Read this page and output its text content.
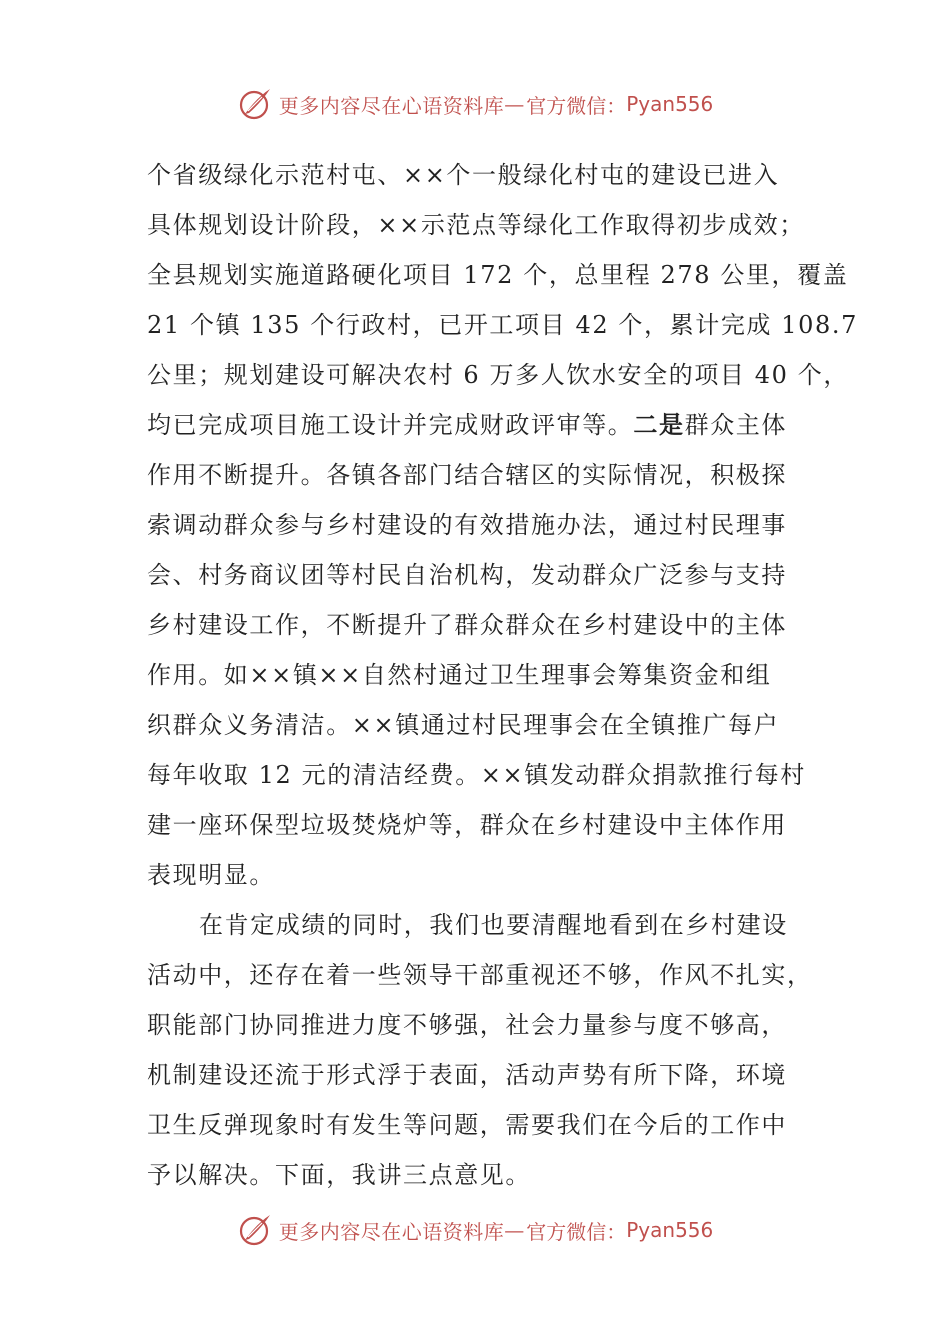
更多内容尽在心语资料库 — 官方微信： Pyan556
个省级绿化示范村屯、××个一般绿化村屯的建设已进入
具体规划设计阶段，××示范点等绿化工作取得初步成效；
全县规划实施道路硬化项目 172 个，总里程 278 公里，覆盖
21 个镇 135 个行政村，已开工项目 42 个，累计完成 108.7
公里；规划建设可解决农村 6 万多人饮水安全的项目 40 个，
均已完成项目施工设计并完成财政评审等。二是群众主体
作用不断提升。各镇各部门结合辖区的实际情况，积极探
索调动群众参与乡村建设的有效措施办法，通过村民理事
会、村务商议团等村民自治机构，发动群众广泛参与支持
乡村建设工作，不断提升了群众群众在乡村建设中的主体
作用。如××镇××自然村通过卫生理事会筹集资金和组
织群众义务清洁。××镇通过村民理事会在全镇推广每户
每年收取 12 元的清洁经费。××镇发动群众捐款推行每村
建一座环保型垃圾焚烧炉等，群众在乡村建设中主体作用
表现明显。
在肯定成绩的同时，我们也要清醒地看到在乡村建设
活动中，还存在着一些领导干部重视还不够，作风不扎实，
职能部门协同推进力度不够强，社会力量参与度不够高，
机制建设还流于形式浮于表面，活动声势有所下降，环境
卫生反弹现象时有发生等问题，需要我们在今后的工作中
予以解决。下面，我讲三点意见。
更多内容尽在心语资料库 — 官方微信： Pyan556
